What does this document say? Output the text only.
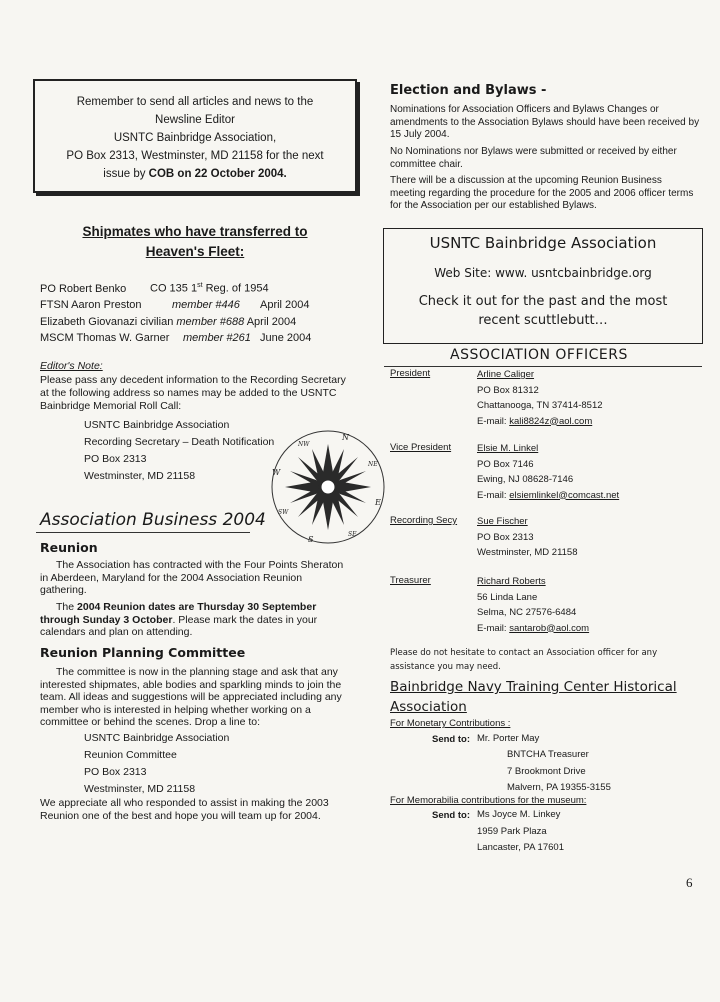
Remember to send all articles and news to the
Newsline Editor
USNTC Bainbridge Association,
PO Box 2313, Westminster, MD 21158 for the next
issue by COB on 22 October 2004.
Shipmates who have transferred to
Heaven's Fleet:
PO Robert Benko CO 135 1st Reg. of 1954
FTSN Aaron Preston	member #446 April 2004
Elizabeth Giovanazi civilian member #688 April 2004
MSCM Thomas W. Garner member #261 June 2004
Editor's Note:
Please pass any decedent information to the Recording Secretary at the following address so names may be added to the USNTC Bainbridge Memorial Roll Call:
USNTC Bainbridge Association
Recording Secretary – Death Notification
PO Box 2313
Westminster, MD 21158
N
NE
E
SE
S
SW
W
NW
Association Business 2004
Reunion
The Association has contracted with the Four Points Sheraton in Aberdeen, Maryland for the 2004 Association Reunion gathering.
The 2004 Reunion dates are Thursday 30 September through Sunday 3 October. Please mark the dates in your calendars and plan on attending.
Reunion Planning Committee
The committee is now in the planning stage and ask that any interested shipmates, able bodies and sparkling minds to join the team. All ideas and suggestions will be appreciated including any member who is interested in helping whether working on a committee or behind the scenes. Drop a line to:
USNTC Bainbridge Association
Reunion Committee
PO Box 2313
Westminster, MD 21158
We appreciate all who responded to assist in making the 2003 Reunion one of the best and hope you will team up for 2004.
Election and Bylaws -
Nominations for Association Officers and Bylaws Changes or amendments to the Association Bylaws should have been received by 15 July 2004.
No Nominations nor Bylaws were submitted or received by either committee chair.
There will be a discussion at the upcoming Reunion Business meeting regarding the procedure for the 2005 and 2006 officer terms for the Association per our established Bylaws.
USNTC Bainbridge Association
Web Site: www. usntcbainbridge.org
Check it out for the past and the most recent scuttlebutt…
ASSOCIATION OFFICERS
President	Arline Caliger
PO Box 81312
Chattanooga, TN 37414-8512
E-mail: kali8824z@aol.com
Vice President	Elsie M. Linkel
PO Box 7146
Ewing, NJ 08628-7146
E-mail: elsiemlinkel@comcast.net
Recording Secy Sue Fischer
PO Box 2313
Westminster, MD 21158
Treasurer	Richard Roberts
56 Linda Lane
Selma, NC 27576-6484
E-mail: santarob@aol.com
Please do not hesitate to contact an Association officer for any assistance you may need.
Bainbridge Navy Training Center Historical
Association
For Monetary Contributions :
Send to: Mr. Porter May
BNTCHA Treasurer
7 Brookmont Drive
Malvern, PA 19355-3155
For Memorabilia contributions for the museum:
Send to: Ms Joyce M. Linkey
1959 Park Plaza
Lancaster, PA 17601
6
